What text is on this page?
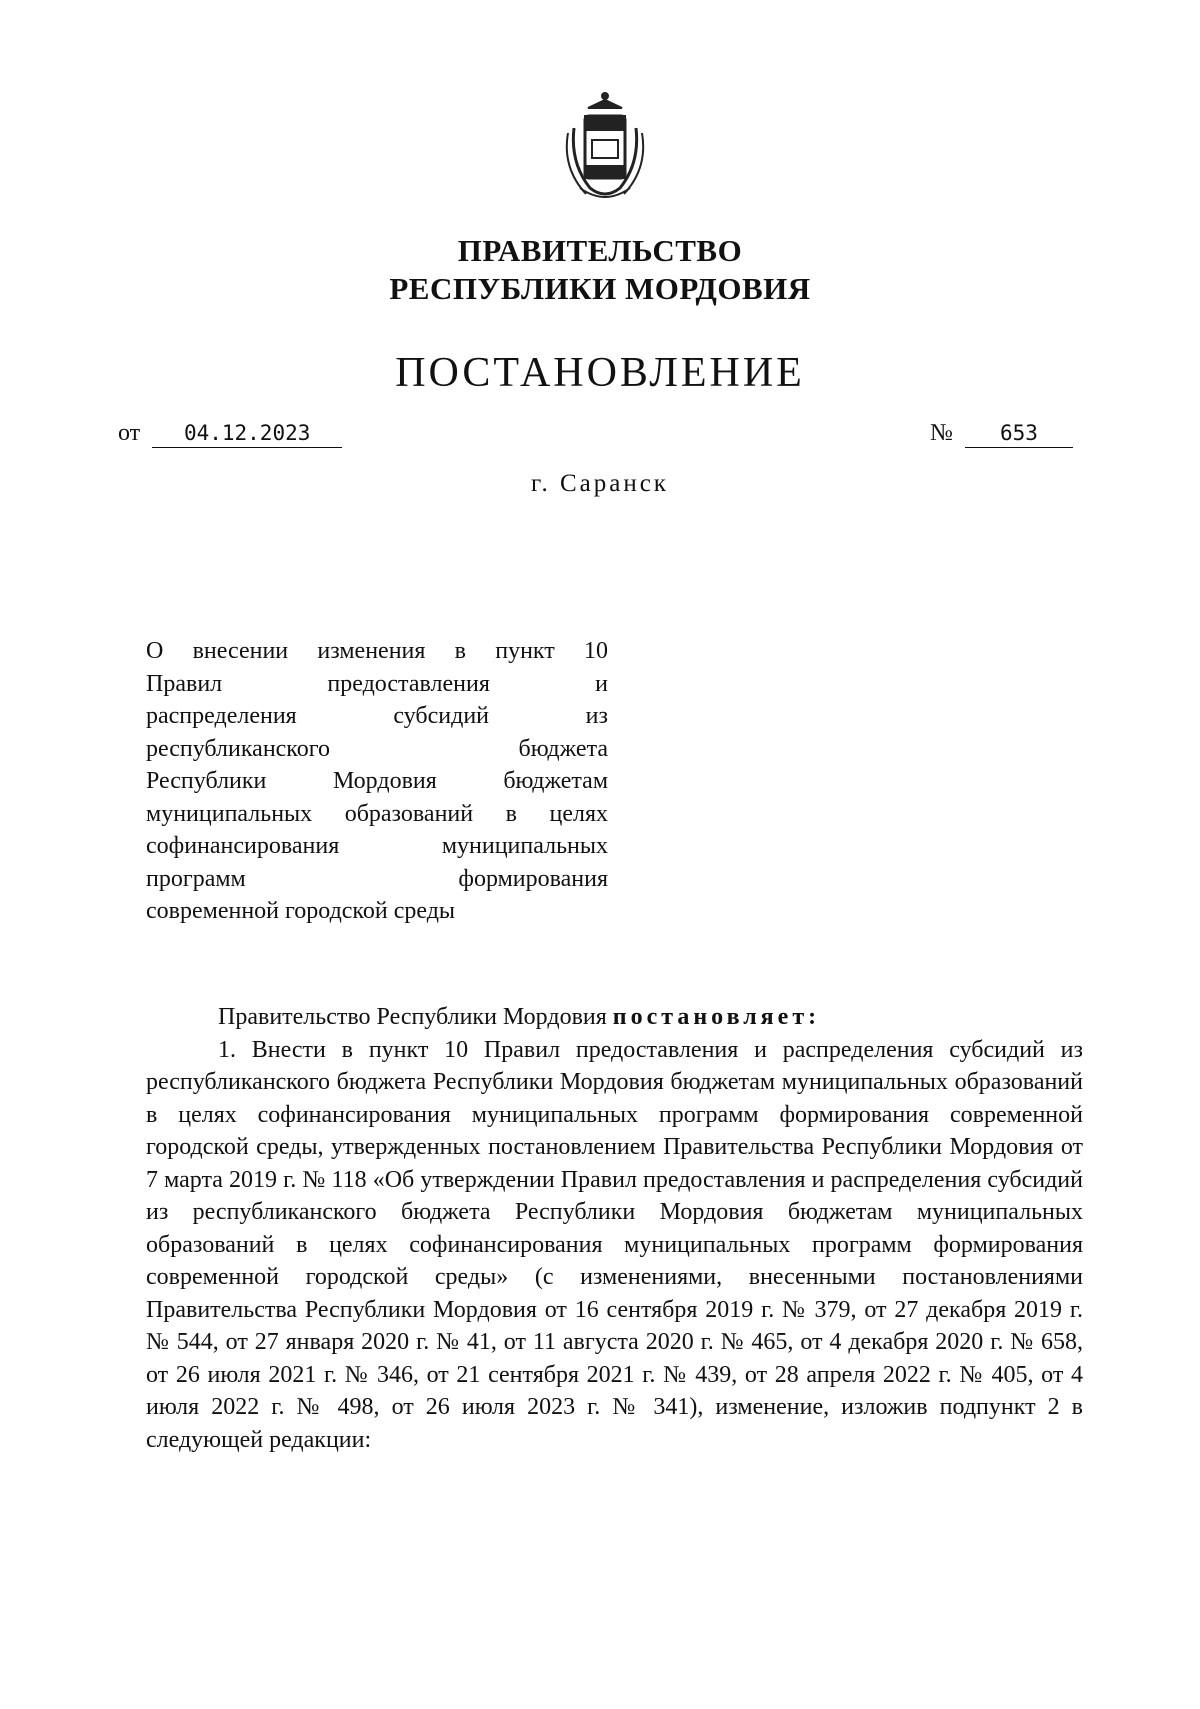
ПРАВИТЕЛЬСТВО
РЕСПУБЛИКИ МОРДОВИЯ
ПОСТАНОВЛЕНИЕ
от 04.12.2023	№ 653
г. Саранск
О внесении изменения в пункт 10
Правил предоставления и
распределения субсидий из
республиканского бюджета
Республики Мордовия бюджетам
муниципальных образований в целях
софинансирования муниципальных
программ формирования
современной городской среды

Правительство Республики Мордовия постановляет:

1. Внести в пункт 10 Правил предоставления и распределения субсидий из республиканского бюджета Республики Мордовия бюджетам муниципальных образований в целях софинансирования муниципальных программ формирования современной городской среды, утвержденных постановлением Правительства Республики Мордовия от 7 марта 2019 г. № 118 «Об утверждении Правил предоставления и распределения субсидий из республиканского бюджета Республики Мордовия бюджетам муниципальных образований в целях софинансирования муниципальных программ формирования современной городской среды» (с изменениями, внесенными постановлениями Правительства Республики Мордовия от 16 сентября 2019 г. № 379, от 27 декабря 2019 г. № 544, от 27 января 2020 г. № 41, от 11 августа 2020 г. № 465, от 4 декабря 2020 г. № 658, от 26 июля 2021 г. № 346, от 21 сентября 2021 г. № 439, от 28 апреля 2022 г. № 405, от 4 июля 2022 г. № 498, от 26 июля 2023 г. № 341), изменение, изложив подпункт 2 в следующей редакции:
